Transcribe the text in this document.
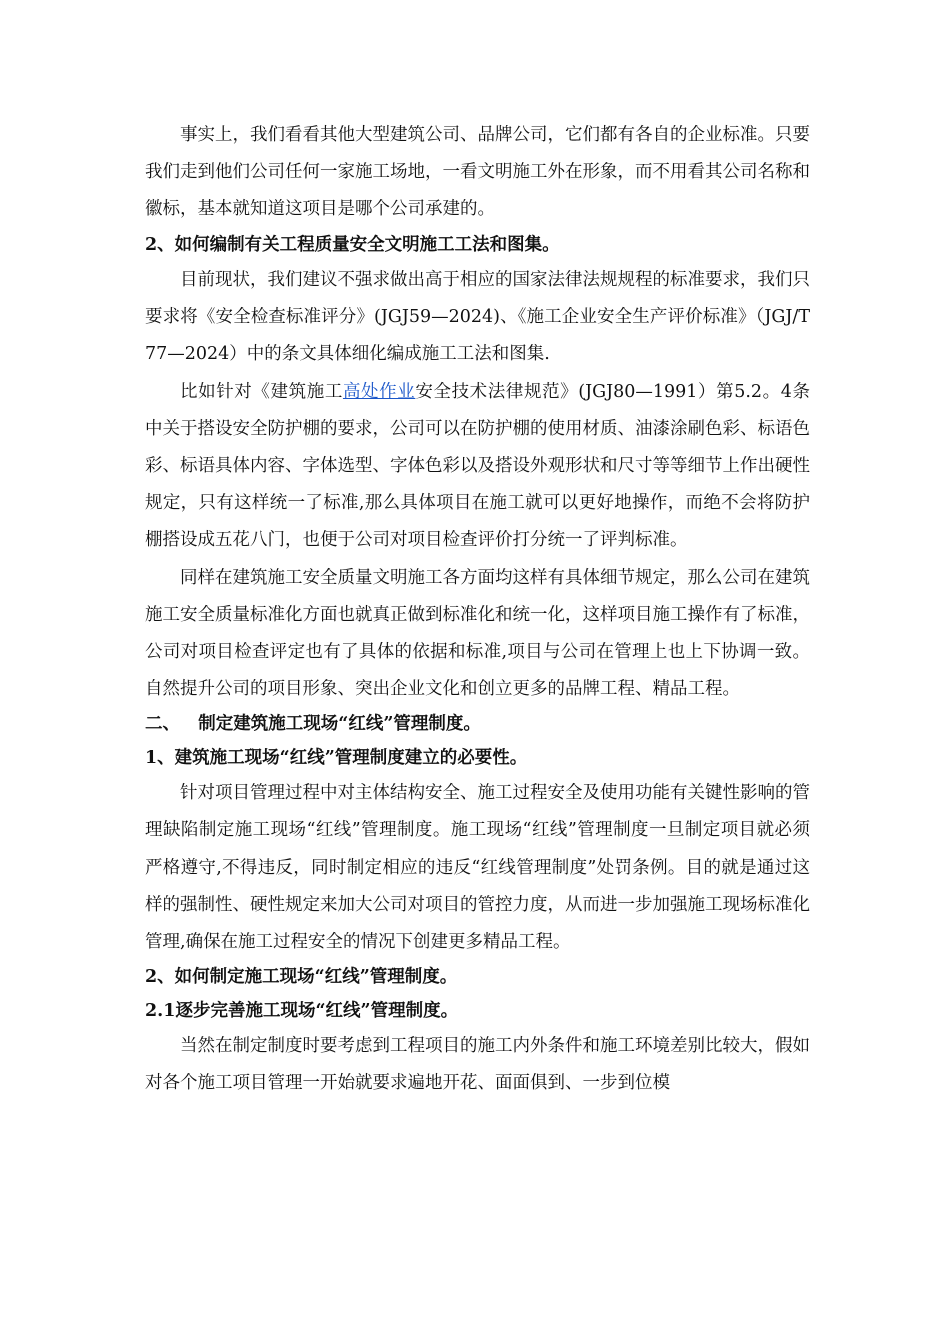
事实上，我们看看其他大型建筑公司、品牌公司，它们都有各自的企业标准。只要我们走到他们公司任何一家施工场地，一看文明施工外在形象，而不用看其公司名称和徽标，基本就知道这项目是哪个公司承建的。

2、如何编制有关工程质量安全文明施工工法和图集。

目前现状，我们建议不强求做出高于相应的国家法律法规规程的标准要求，我们只要求将《安全检查标准评分》(JGJ59—2024)、《施工企业安全生产评价标准》（JGJ/T77—2024）中的条文具体细化编成施工工法和图集.

比如针对《建筑施工高处作业安全技术法律规范》(JGJ80—1991）第5.2。4条中关于搭设安全防护棚的要求，公司可以在防护棚的使用材质、油漆涂刷色彩、标语色彩、标语具体内容、字体选型、字体色彩以及搭设外观形状和尺寸等等细节上作出硬性规定，只有这样统一了标准,那么具体项目在施工就可以更好地操作，而绝不会将防护棚搭设成五花八门，也便于公司对项目检查评价打分统一了评判标准。

同样在建筑施工安全质量文明施工各方面均这样有具体细节规定，那么公司在建筑施工安全质量标准化方面也就真正做到标准化和统一化，这样项目施工操作有了标准，公司对项目检查评定也有了具体的依据和标准,项目与公司在管理上也上下协调一致。自然提升公司的项目形象、突出企业文化和创立更多的品牌工程、精品工程。

二、   制定建筑施工现场“红线”管理制度。

1、建筑施工现场“红线”管理制度建立的必要性。

针对项目管理过程中对主体结构安全、施工过程安全及使用功能有关键性影响的管理缺陷制定施工现场“红线”管理制度。施工现场“红线”管理制度一旦制定项目就必须严格遵守,不得违反，同时制定相应的违反“红线管理制度”处罚条例。目的就是通过这样的强制性、硬性规定来加大公司对项目的管控力度，从而进一步加强施工现场标准化管理,确保在施工过程安全的情况下创建更多精品工程。

2、如何制定施工现场“红线”管理制度。

2.1逐步完善施工现场“红线”管理制度。

当然在制定制度时要考虑到工程项目的施工内外条件和施工环境差别比较大，假如对各个施工项目管理一开始就要求遍地开花、面面俱到、一步到位模
